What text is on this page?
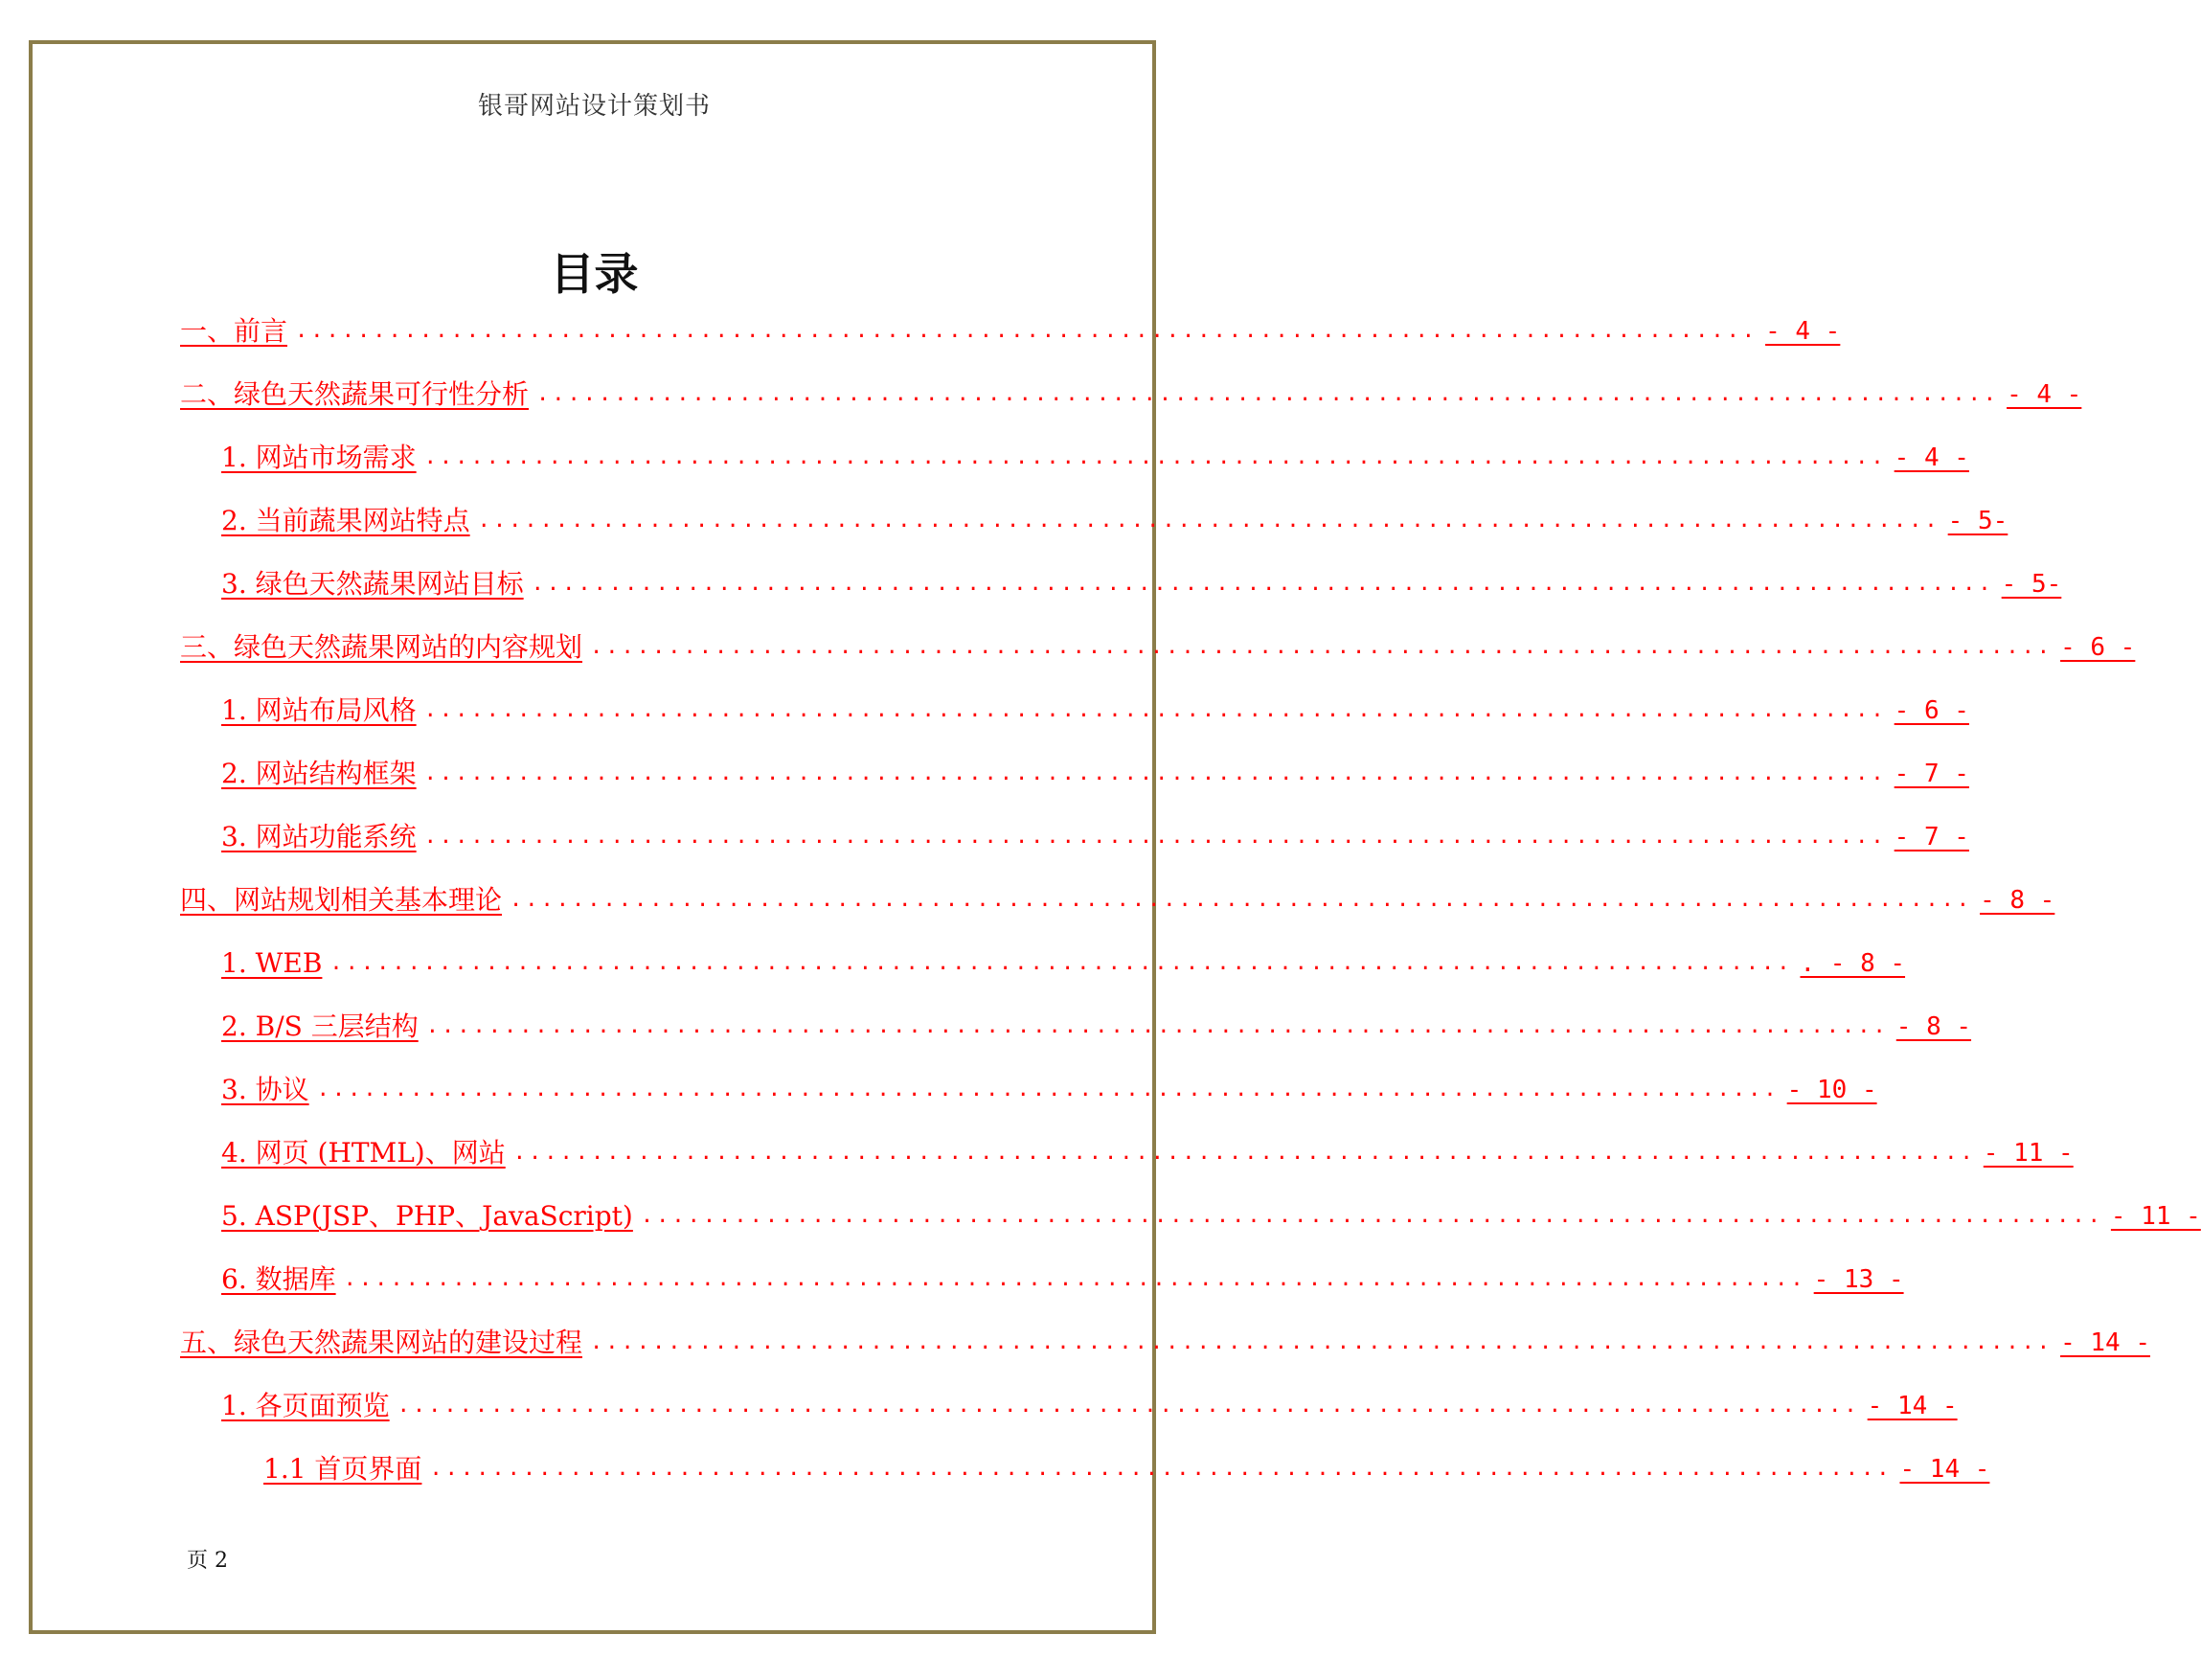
银哥网站设计策划书
目录
一、前言 .............................................................................................. - 4 -
二、绿色天然蔬果可行性分析 .............................................................................................. - 4 -
1. 网站市场需求 .............................................................................................. - 4 -
2. 当前蔬果网站特点 .............................................................................................. - 5-
3. 绿色天然蔬果网站目标 .............................................................................................. - 5-
三、绿色天然蔬果网站的内容规划 .............................................................................................. - 6 -
1. 网站布局风格 .............................................................................................. - 6 -
2. 网站结构框架 .............................................................................................. - 7 -
3. 网站功能系统 .............................................................................................. - 7 -
四、网站规划相关基本理论 .............................................................................................. - 8 -
1. WEB .............................................................................................. . - 8 -
2. B/S 三层结构 .............................................................................................. - 8 -
3. 协议 .............................................................................................. - 10 -
4. 网页 (HTML)、网站 .............................................................................................. - 11 -
5. ASP(JSP、PHP、JavaScript) .............................................................................................. - 11 -
6. 数据库 .............................................................................................. - 13 -
五、绿色天然蔬果网站的建设过程 .............................................................................................. - 14 -
1. 各页面预览 .............................................................................................. - 14 -
1.1 首页界面 .............................................................................................. - 14 -
页 2
